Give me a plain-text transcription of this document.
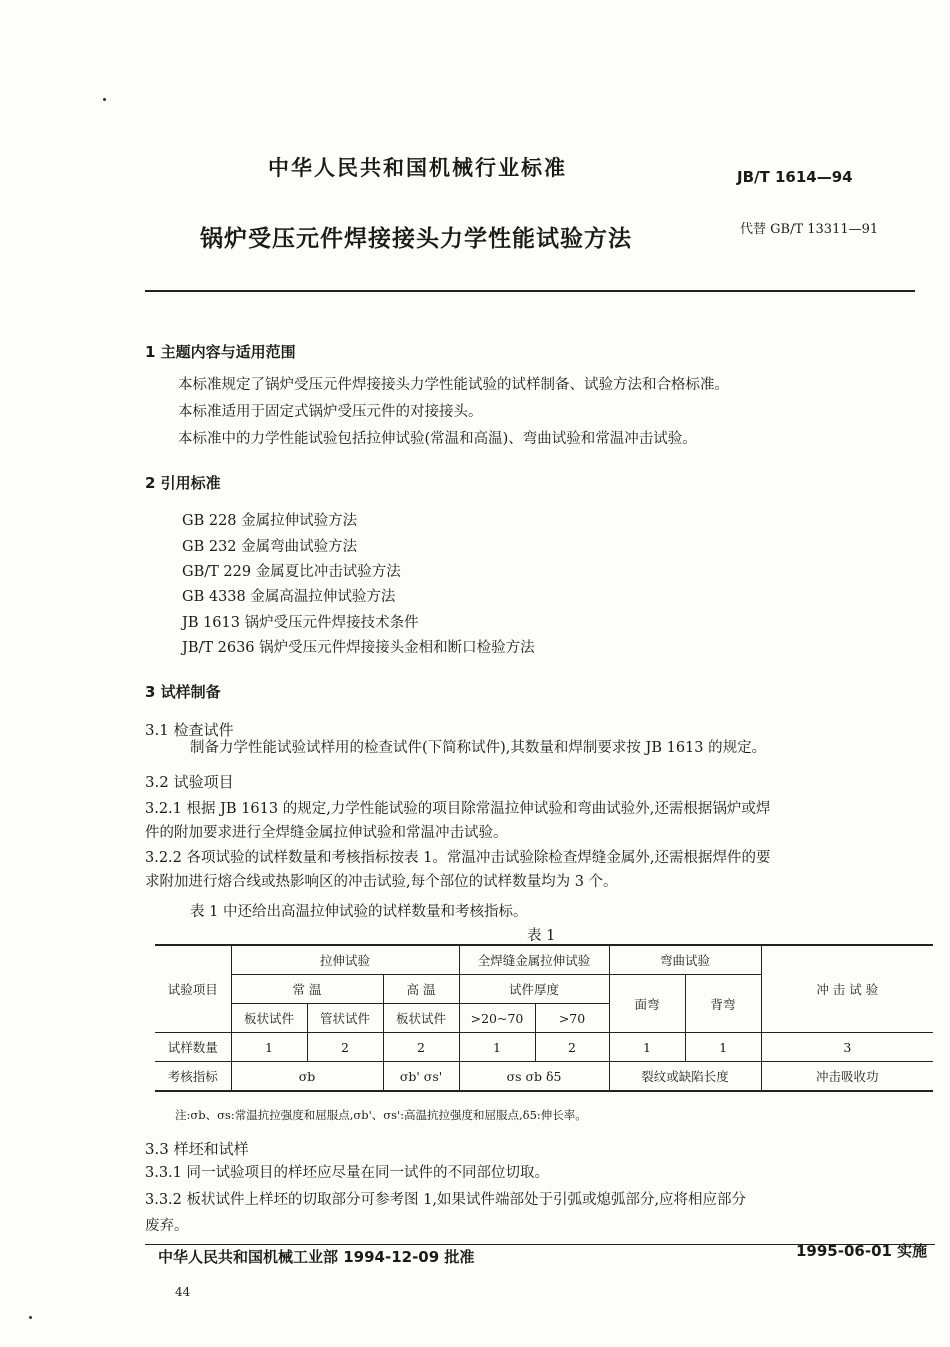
中华人民共和国机械行业标准	JB/T 1614—94
锅炉受压元件焊接接头力学性能试验方法	代替 GB/T 13311—91
1 主题内容与适用范围
本标准规定了锅炉受压元件焊接接头力学性能试验的试样制备、试验方法和合格标准。
本标准适用于固定式锅炉受压元件的对接接头。
本标准中的力学性能试验包括拉伸试验(常温和高温)、弯曲试验和常温冲击试验。
2 引用标准
GB 228 金属拉伸试验方法
GB 232 金属弯曲试验方法
GB/T 229 金属夏比冲击试验方法
GB 4338 金属高温拉伸试验方法
JB 1613 锅炉受压元件焊接技术条件
JB/T 2636 锅炉受压元件焊接接头金相和断口检验方法
3 试样制备
3.1 检查试件
制备力学性能试验试样用的检查试件(下简称试件),其数量和焊制要求按 JB 1613 的规定。
3.2 试验项目
3.2.1 根据 JB 1613 的规定,力学性能试验的项目除常温拉伸试验和弯曲试验外,还需根据锅炉或焊
件的附加要求进行全焊缝金属拉伸试验和常温冲击试验。
3.2.2 各项试验的试样数量和考核指标按表 1。常温冲击试验除检查焊缝金属外,还需根据焊件的要
求附加进行熔合线或热影响区的冲击试验,每个部位的试样数量均为 3 个。
表 1 中还给出高温拉伸试验的试样数量和考核指标。
表 1
试验项目	拉伸试验			全焊缝金属拉伸试验		弯曲试验		冲 击 试 验
	常 温		高 温	试件厚度		面弯	背弯	
	板状试件	管状试件	板状试件	>20~70	>70			
试样数量	1	2	2	1	2	1	1	3
考核指标	σb		σb' σs'	σs σb δ5		裂纹或缺陷长度		冲击吸收功
注:σb、σs:常温抗拉强度和屈服点,σb'、σs':高温抗拉强度和屈服点,δ5:伸长率。
3.3 样坯和试样
3.3.1 同一试验项目的样坯应尽量在同一试件的不同部位切取。
3.3.2 板状试件上样坯的切取部分可参考图 1,如果试件端部处于引弧或熄弧部分,应将相应部分
废弃。
中华人民共和国机械工业部 1994-12-09 批准	1995-06-01 实施
44
